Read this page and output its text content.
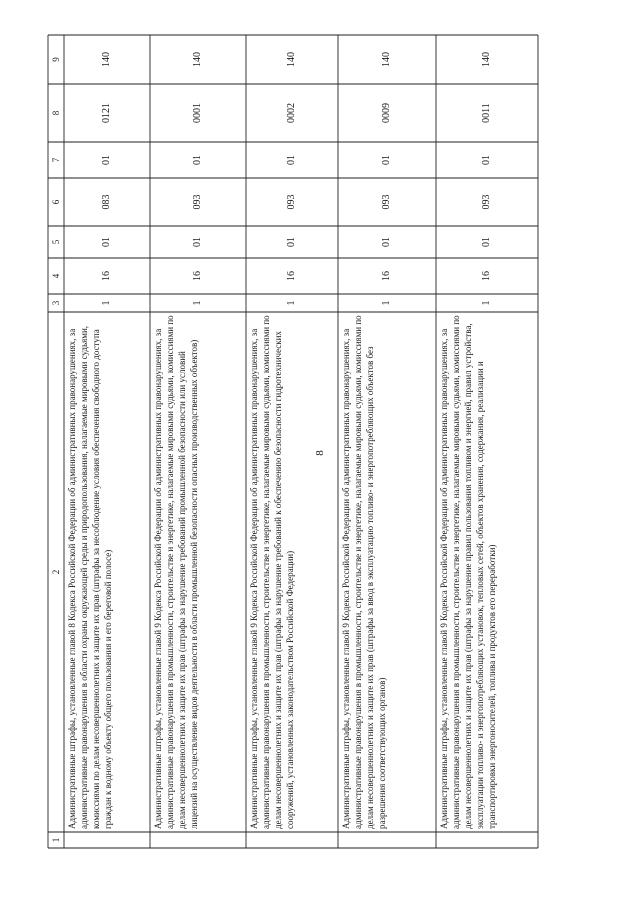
8
1
2
3
4
5
6
7
8
9
Административные штрафы, установленные главой 8 Кодекса Российской Федерации об административных правонарушениях, за административные правонарушения в области охраны окружающей среды и природопользования, налагаемые мировыми судьями, комиссиями по делам несовершеннолетних и защите их прав (штрафы за несоблюдение условия обеспечения свободного доступа граждан к водному объекту общего пользования и его береговой полосе)
1
16
01
083
01
0121
140
Административные штрафы, установленные главой 9 Кодекса Российской Федерации об административных правонарушениях, за административные правонарушения в промышленности, строительстве и энергетике, налагаемые мировыми судьями, комиссиями по делам несовершеннолетних и защите их прав (штрафы за нарушение требований промышленной безопасности или условий лицензий на осуществление видов деятельности в области промышленной безопасности опасных производственных объектов)
1
16
01
093
01
0001
140
Административные штрафы, установленные главой 9 Кодекса Российской Федерации об административных правонарушениях, за административные правонарушения в промышленности, строительстве и энергетике, налагаемые мировыми судьями, комиссиями по делам несовершеннолетних и защите их прав (штрафы за нарушение требований к обеспечению безопасности гидротехнических сооружений, установленных законодательством Российской Федерации)
1
16
01
093
01
0002
140
Административные штрафы, установленные главой 9 Кодекса Российской Федерации об административных правонарушениях, за административные правонарушения в промышленности, строительстве и энергетике, налагаемые мировыми судьями, комиссиями по делам несовершеннолетних и защите их прав (штрафы за ввод в эксплуатацию топливо- и энергопотребляющих объектов без разрешения соответствующих органов)
1
16
01
093
01
0009
140
Административные штрафы, установленные главой 9 Кодекса Российской Федерации об административных правонарушениях, за административные правонарушения в промышленности, строительстве и энергетике, налагаемые мировыми судьями, комиссиями по делам несовершеннолетних и защите их прав (штрафы за нарушение правил пользования топливом и энергией, правил устройства, эксплуатации топливо- и энергопотребляющих установок, тепловых сетей, объектов хранения, содержания, реализации и транспортировки энергоносителей, топлива и продуктов его переработки)
1
16
01
093
01
0011
140
